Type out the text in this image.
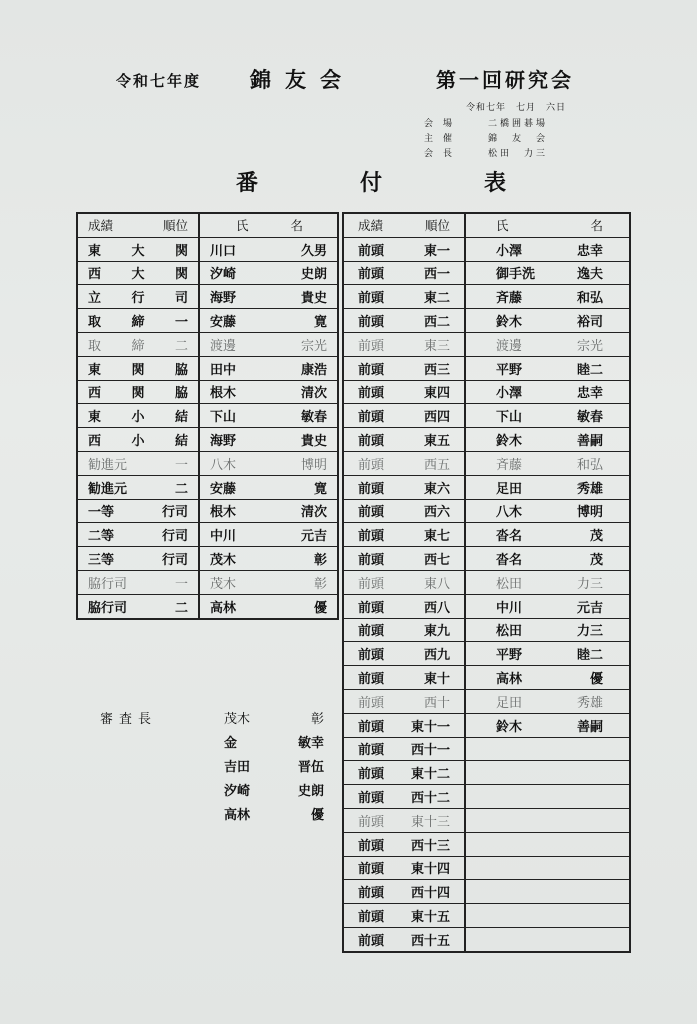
令和七年度 錦友会	第一回研究会
令和七年　七月　六日
会場	二橋囲碁場
主催	錦　友　会
会長	松田　力三
番	付	表
成績 順位	氏 名

東 大 関	川口 久男

西 大 関	汐崎 史朗

立 行 司	海野 貴史

取 締 一	安藤 寛

取 締 二	渡邊 宗光

東 関 脇	田中 康浩

西 関 脇	根木 清次

東 小 結	下山 敏春

西 小 結	海野 貴史

勧進元 一	八木 博明

勧進元 二	安藤 寛

一等 行司	根木 清次

二等 行司	中川 元吉

三等 行司	茂木 彰

脇行司 一	茂木 彰

脇行司 二	高林 優
成績 順位	氏 名

前頭 東一	小澤 忠幸

前頭 西一	御手洗 逸夫

前頭 東二	斉藤 和弘

前頭 西二	鈴木 裕司

前頭 東三	渡邊 宗光

前頭 西三	平野 睦二

前頭 東四	小澤 忠幸

前頭 西四	下山 敏春

前頭 東五	鈴木 善嗣

前頭 西五	斉藤 和弘

前頭 東六	足田 秀雄

前頭 西六	八木 博明

前頭 東七	沓名 茂

前頭 西七	沓名 茂

前頭 東八	松田 力三

前頭 西八	中川 元吉

前頭 東九	松田 力三

前頭 西九	平野 睦二

前頭 東十	高林 優

前頭 西十	足田 秀雄

前頭 東十一	鈴木 善嗣

前頭 西十一	

前頭 東十二	

前頭 西十二	

前頭 東十三	

前頭 西十三	

前頭 東十四	

前頭 西十四	

前頭 東十五	

前頭 西十五	

審査長	茂木	彰
金	敏幸
吉田	晋伍
汐崎	史朗
高林	優
